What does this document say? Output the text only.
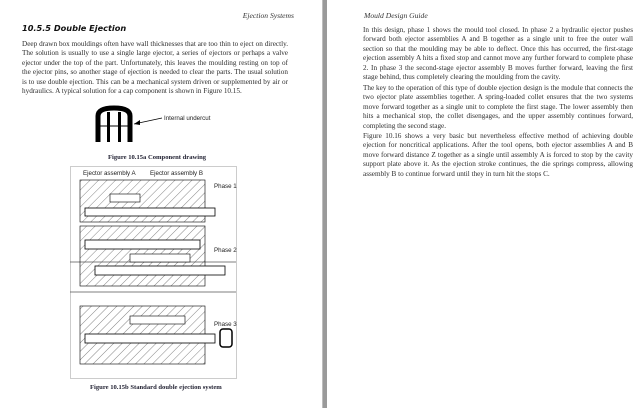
Ejection Systems
10.5.5 Double Ejection

Deep drawn box mouldings often have wall thicknesses that are too thin to eject on directly. The solution is usually to use a single large ejector, a series of ejectors or perhaps a valve ejector under the top of the part. Unfortunately, this leaves the moulding resting on top of the ejector pins, so another stage of ejection is needed to clear the parts. The usual solution is to use double ejection. This can be a mechanical system driven or supplemented by air or hydraulics. A typical solution for a cap component is shown in Figure 10.15.

Internal undercut
Figure 10.15a Component drawing
Ejector assembly A Ejector assembly B
Phase 1
Phase 2
Phase 3
Figure 10.15b Standard double ejection system
Mould Design Guide

In this design, phase 1 shows the mould tool closed. In phase 2 a hydraulic ejector pushes forward both ejector assemblies A and B together as a single unit to free the outer wall section so that the moulding may be able to deflect. Once this has occurred, the first-stage ejection assembly A hits a fixed stop and cannot move any further forward to complete phase 2. In phase 3 the second-stage ejector assembly B moves further forward, leaving the first stage behind, thus completely clearing the moulding from the cavity.

The key to the operation of this type of double ejection design is the module that connects the two ejector plate assemblies together. A spring-loaded collet ensures that the two systems move forward together as a single unit to complete the first stage. The lower assembly then hits a mechanical stop, the collet disengages, and the upper assembly continues forward, completing the second stage.

Figure 10.16 shows a very basic but nevertheless effective method of achieving double ejection for noncritical applications. After the tool opens, both ejector assemblies A and B move forward distance Z together as a single until assembly A is forced to stop by the cavity support plate above it. As the ejection stroke continues, the die springs compress, allowing assembly B to continue forward until they in turn hit the stops C.
